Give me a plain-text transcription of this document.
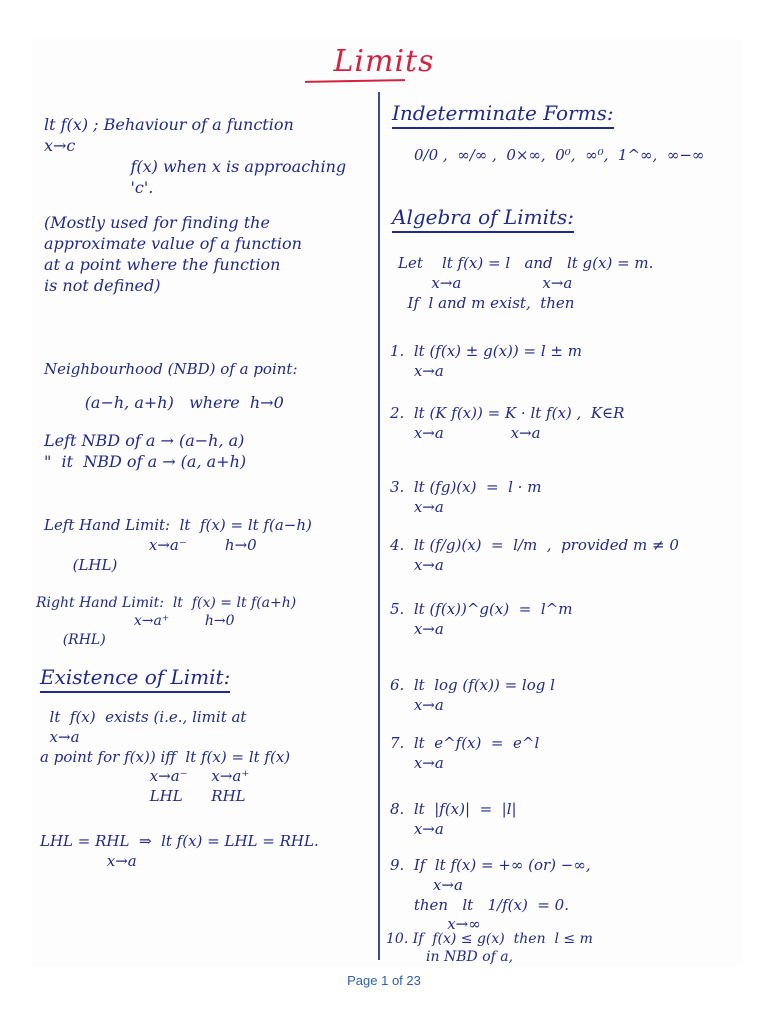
Limits

lt f(x) ; Behaviour of a function
x→c
f(x) when x is approaching
'c'.

(Mostly used for finding the
approximate value of a function
at a point where the function
is not defined)

Neighbourhood (NBD) of a point:

(a−h, a+h)   where  h→0

Left NBD of a → (a−h, a)
"  it  NBD of a → (a, a+h)

Left Hand Limit:  lt  f(x) = lt f(a−h)
x→a⁻        h→0
(LHL)

Right Hand Limit:  lt  f(x) = lt f(a+h)
x→a⁺        h→0
(RHL)

Existence of Limit:

lt  f(x)  exists (i.e., limit at
x→a
a point for f(x)) iff  lt f(x) = lt f(x)
x→a⁻     x→a⁺
LHL      RHL

LHL = RHL  ⇒  lt f(x) = LHL = RHL.
x→a

Indeterminate Forms:

0/0 ,  ∞/∞ ,  0×∞,  0⁰,  ∞⁰,  1^∞,  ∞−∞

Algebra of Limits:

Let    lt f(x) = l   and   lt g(x) = m.
x→a                 x→a
If  l and m exist,  then

1.  lt (f(x) ± g(x)) = l ± m
x→a

2.  lt (K f(x)) = K · lt f(x) ,  K∈R
x→a              x→a

3.  lt (fg)(x)  =  l · m
x→a

4.  lt (f/g)(x)  =  l/m  ,  provided m ≠ 0
x→a

5.  lt (f(x))^g(x)  =  l^m
x→a

6.  lt  log (f(x)) = log l
x→a

7.  lt  e^f(x)  =  e^l
x→a

8.  lt  |f(x)|  =  |l|
x→a

9.  If  lt f(x) = +∞ (or) −∞,
x→a
then   lt   1/f(x)  = 0.
x→∞

10. If  f(x) ≤ g(x)  then  l ≤ m
in NBD of a,

Page 1 of 23
